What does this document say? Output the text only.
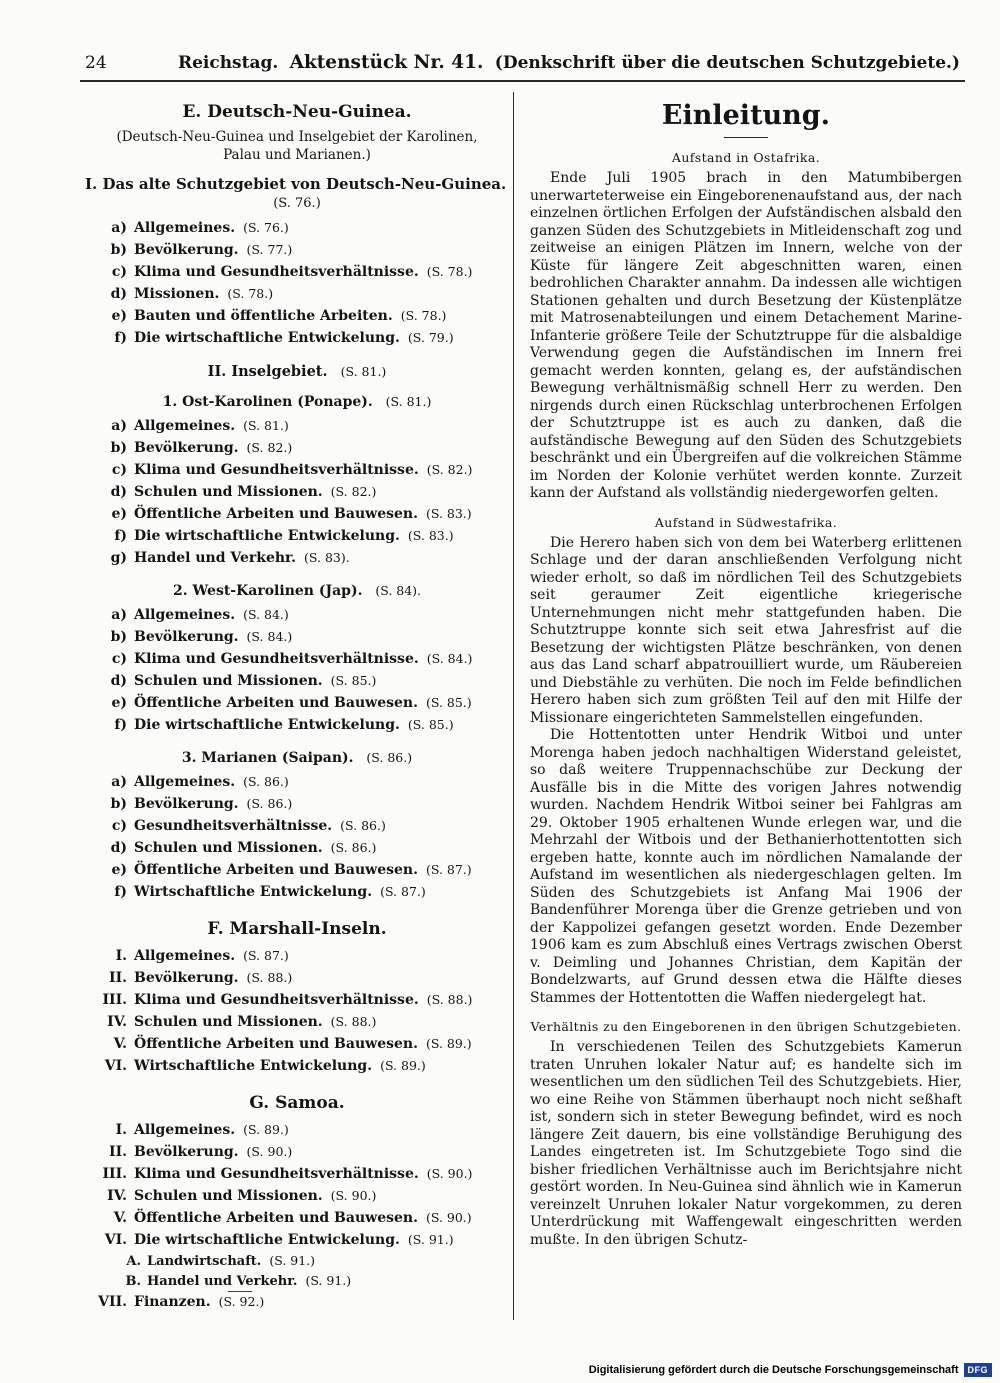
24	Reichstag. Aktenstück Nr. 41. (Denkschrift über die deutschen Schutzgebiete.)
E. Deutsch-Neu-Guinea.
(Deutsch-Neu-Guinea und Inselgebiet der Karolinen, Palau und Marianen.)
I. Das alte Schutzgebiet von Deutsch-Neu-Guinea.
(S. 76.)
a) Allgemeines. (S. 76.)
b) Bevölkerung. (S. 77.)
c) Klima und Gesundheitsverhältnisse. (S. 78.)
d) Missionen. (S. 78.)
e) Bauten und öffentliche Arbeiten. (S. 78.)
f) Die wirtschaftliche Entwickelung. (S. 79.)
II. Inselgebiet. (S. 81.)
1. Ost-Karolinen (Ponape). (S. 81.)
a) Allgemeines. (S. 81.)
b) Bevölkerung. (S. 82.)
c) Klima und Gesundheitsverhältnisse. (S. 82.)
d) Schulen und Missionen. (S. 82.)
e) Öffentliche Arbeiten und Bauwesen. (S. 83.)
f) Die wirtschaftliche Entwickelung. (S. 83.)
g) Handel und Verkehr. (S. 83).
2. West-Karolinen (Jap). (S. 84).
a) Allgemeines. (S. 84.)
b) Bevölkerung. (S. 84.)
c) Klima und Gesundheitsverhältnisse. (S. 84.)
d) Schulen und Missionen. (S. 85.)
e) Öffentliche Arbeiten und Bauwesen. (S. 85.)
f) Die wirtschaftliche Entwickelung. (S. 85.)
3. Marianen (Saipan). (S. 86.)
a) Allgemeines. (S. 86.)
b) Bevölkerung. (S. 86.)
c) Gesundheitsverhältnisse. (S. 86.)
d) Schulen und Missionen. (S. 86.)
e) Öffentliche Arbeiten und Bauwesen. (S. 87.)
f) Wirtschaftliche Entwickelung. (S. 87.)
F. Marshall-Inseln.
I. Allgemeines. (S. 87.)
II. Bevölkerung. (S. 88.)
III. Klima und Gesundheitsverhältnisse. (S. 88.)
IV. Schulen und Missionen. (S. 88.)
V. Öffentliche Arbeiten und Bauwesen. (S. 89.)
VI. Wirtschaftliche Entwickelung. (S. 89.)
G. Samoa.
I. Allgemeines. (S. 89.)
II. Bevölkerung. (S. 90.)
III. Klima und Gesundheitsverhältnisse. (S. 90.)
IV. Schulen und Missionen. (S. 90.)
V. Öffentliche Arbeiten und Bauwesen. (S. 90.)
VI. Die wirtschaftliche Entwickelung. (S. 91.)
A. Landwirtschaft. (S. 91.)
B. Handel und Verkehr. (S. 91.)
VII. Finanzen. (S. 92.)
Einleitung.
Aufstand in Ostafrika.

Ende Juli 1905 brach in den Matumbibergen unerwarteterweise ein Eingeborenenaufstand aus, der nach einzelnen örtlichen Erfolgen der Aufständischen alsbald den ganzen Süden des Schutzgebiets in Mitleidenschaft zog und zeitweise an einigen Plätzen im Innern, welche von der Küste für längere Zeit abgeschnitten waren, einen bedrohlichen Charakter annahm. Da indessen alle wichtigen Stationen gehalten und durch Besetzung der Küstenplätze mit Matrosenabteilungen und einem Detachement Marine-Infanterie größere Teile der Schutztruppe für die alsbaldige Verwendung gegen die Aufständischen im Innern frei gemacht werden konnten, gelang es, der aufständischen Bewegung verhältnismäßig schnell Herr zu werden. Den nirgends durch einen Rückschlag unterbrochenen Erfolgen der Schutztruppe ist es auch zu danken, daß die aufständische Bewegung auf den Süden des Schutzgebiets beschränkt und ein Übergreifen auf die volkreichen Stämme im Norden der Kolonie verhütet werden konnte. Zurzeit kann der Aufstand als vollständig niedergeworfen gelten.

Aufstand in Südwestafrika.

Die Herero haben sich von dem bei Waterberg erlittenen Schlage und der daran anschließenden Verfolgung nicht wieder erholt, so daß im nördlichen Teil des Schutzgebiets seit geraumer Zeit eigentliche kriegerische Unternehmungen nicht mehr stattgefunden haben. Die Schutztruppe konnte sich seit etwa Jahresfrist auf die Besetzung der wichtigsten Plätze beschränken, von denen aus das Land scharf abpatrouilliert wurde, um Räubereien und Diebstähle zu verhüten. Die noch im Felde befindlichen Herero haben sich zum größten Teil auf den mit Hilfe der Missionare eingerichteten Sammelstellen eingefunden.

Die Hottentotten unter Hendrik Witboi und unter Morenga haben jedoch nachhaltigen Widerstand geleistet, so daß weitere Truppennachschübe zur Deckung der Ausfälle bis in die Mitte des vorigen Jahres notwendig wurden. Nachdem Hendrik Witboi seiner bei Fahlgras am 29. Oktober 1905 erhaltenen Wunde erlegen war, und die Mehrzahl der Witbois und der Bethanierhottentotten sich ergeben hatte, konnte auch im nördlichen Namalande der Aufstand im wesentlichen als niedergeschlagen gelten. Im Süden des Schutzgebiets ist Anfang Mai 1906 der Bandenführer Morenga über die Grenze getrieben und von der Kappolizei gefangen gesetzt worden. Ende Dezember 1906 kam es zum Abschluß eines Vertrags zwischen Oberst v. Deimling und Johannes Christian, dem Kapitän der Bondelzwarts, auf Grund dessen etwa die Hälfte dieses Stammes der Hottentotten die Waffen niedergelegt hat.

Verhältnis zu den Eingeborenen in den übrigen Schutzgebieten.

In verschiedenen Teilen des Schutzgebiets Kamerun traten Unruhen lokaler Natur auf; es handelte sich im wesentlichen um den südlichen Teil des Schutzgebiets. Hier, wo eine Reihe von Stämmen überhaupt noch nicht seßhaft ist, sondern sich in steter Bewegung befindet, wird es noch längere Zeit dauern, bis eine vollständige Beruhigung des Landes eingetreten ist. Im Schutzgebiete Togo sind die bisher friedlichen Verhältnisse auch im Berichtsjahre nicht gestört worden. In Neu-Guinea sind ähnlich wie in Kamerun vereinzelt Unruhen lokaler Natur vorgekommen, zu deren Unterdrückung mit Waffengewalt eingeschritten werden mußte. In den übrigen Schutz-

Digitalisierung gefördert durch die Deutsche Forschungsgemeinschaft	DFG
